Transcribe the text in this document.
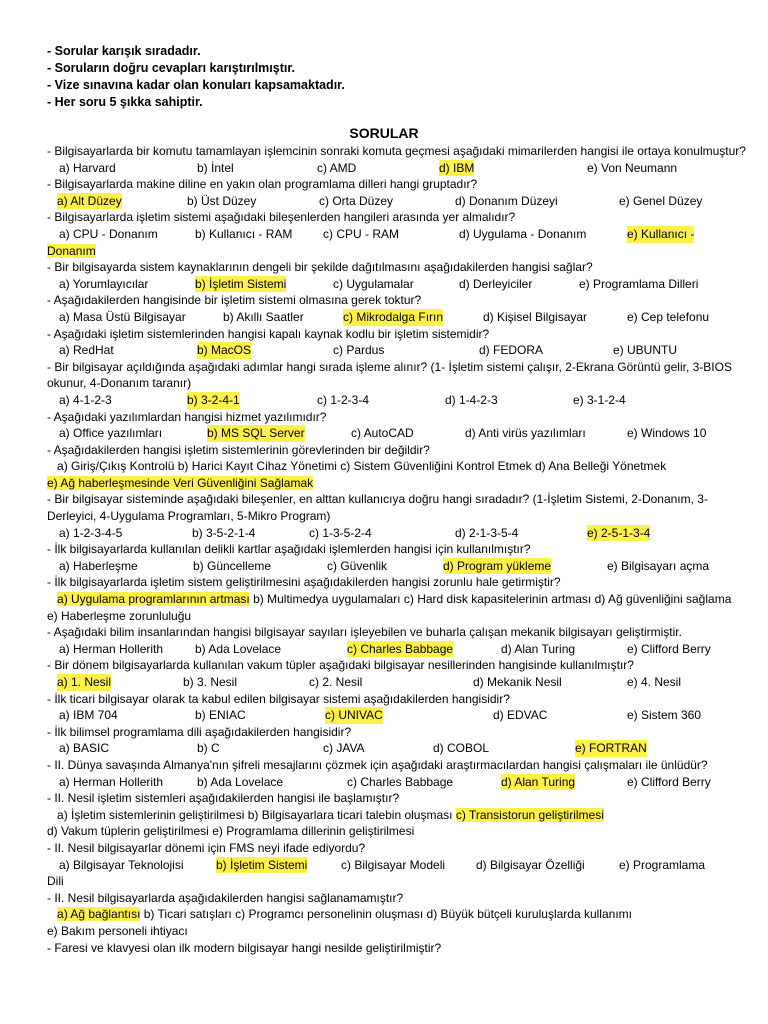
- Sorular karışık sıradadır.
- Soruların doğru cevapları karıştırılmıştır.
- Vize sınavına kadar olan konuları kapsamaktadır.
- Her soru 5 şıkka sahiptir.
SORULAR
- Bilgisayarlarda bir komutu tamamlayan işlemcinin sonraki komuta geçmesi aşağıdaki mimarilerden hangisi ile ortaya konulmuştur?
a) Harvard	b) İntel	c) AMD	d) IBM	e) Von Neumann
- Bilgisayarlarda makine diline en yakın olan programlama dilleri hangi gruptadır?
a) Alt Düzey	b) Üst Düzey	c) Orta Düzey	d) Donanım Düzeyi	e) Genel Düzey
- Bilgisayarlarda işletim sistemi aşağıdaki bileşenlerden hangileri arasında yer almalıdır?
a) CPU - Donanım	b) Kullanıcı - RAM	c) CPU - RAM	d) Uygulama - Donanım	e) Kullanıcı -
Donanım
- Bir bilgisayarda sistem kaynaklarının dengeli bir şekilde dağıtılmasını aşağıdakilerden hangisi sağlar?
a) Yorumlayıcılar	b) İşletim Sistemi	c) Uygulamalar	d) Derleyiciler	e) Programlama Dilleri
- Aşağıdakilerden hangisinde bir işletim sistemi olmasına gerek toktur?
a) Masa Üstü Bilgisayar	b) Akıllı Saatler	c) Mikrodalga Fırın	d) Kişisel Bilgisayar	e) Cep telefonu
- Aşağıdaki işletim sistemlerinden hangisi kapalı kaynak kodlu bir işletim sistemidir?
a) RedHat	b) MacOS	c) Pardus	d) FEDORA	e) UBUNTU
- Bir bilgisayar açıldığında aşağıdaki adımlar hangi sırada işleme alınır? (1- İşletim sistemi çalışır, 2-Ekrana Görüntü gelir, 3-BIOS okunur, 4-Donanım taranır)
a) 4-1-2-3	b) 3-2-4-1	c) 1-2-3-4	d) 1-4-2-3	e) 3-1-2-4
- Aşağıdaki yazılımlardan hangisi hizmet yazılımıdır?
a) Office yazılımları	b) MS SQL Server	c) AutoCAD	d) Anti virüs yazılımları	e) Windows 10
- Aşağıdakilerden hangisi işletim sistemlerinin görevlerinden bir değildir?
a) Giriş/Çıkış Kontrolü b) Harici Kayıt Cihaz Yönetimi c) Sistem Güvenliğini Kontrol Etmek d) Ana Belleği Yönetmek e) Ağ haberleşmesinde Veri Güvenliğini Sağlamak
- Bir bilgisayar sisteminde aşağıdaki bileşenler, en alttan kullanıcıya doğru hangi sıradadır? (1-İşletim Sistemi, 2-Donanım, 3-Derleyici, 4-Uygulama Programları, 5-Mikro Program)
a) 1-2-3-4-5	b) 3-5-2-1-4	c) 1-3-5-2-4	d) 2-1-3-5-4	e) 2-5-1-3-4
- İlk bilgisayarlarda kullanılan delikli kartlar aşağıdaki işlemlerden hangisi için kullanılmıştır?
a) Haberleşme	b) Güncelleme	c) Güvenlik	d) Program yükleme	e) Bilgisayarı açma
- İlk bilgisayarlarda işletim sistem geliştirilmesini aşağıdakilerden hangisi zorunlu hale getirmiştir?
a) Uygulama programlarının artması b) Multimedya uygulamaları c) Hard disk kapasitelerinin artması d) Ağ güvenliğini sağlama e) Haberleşme zorunluluğu
- Aşağıdaki bilim insanlarından hangisi bilgisayar sayıları işleyebilen ve buharla çalışan mekanik bilgisayarı geliştirmiştir.
a) Herman Hollerith	b) Ada Lovelace	c) Charles Babbage	d) Alan Turing	e) Clifford Berry
- Bir dönem bilgisayarlarda kullanılan vakum tüpler aşağıdaki bilgisayar nesillerinden hangisinde kullanılmıştır?
a) 1. Nesil	b) 3. Nesil	c) 2. Nesil	d) Mekanik Nesil	e) 4. Nesil
- İlk ticari bilgisayar olarak ta kabul edilen bilgisayar sistemi aşağıdakilerden hangisidir?
a) IBM 704	b) ENIAC	c) UNIVAC	d) EDVAC	e) Sistem 360
- İlk bilimsel programlama dili aşağıdakilerden hangisidir?
a) BASIC	b) C	c) JAVA	d) COBOL	e) FORTRAN
- II. Dünya savaşında Almanya'nın şifreli mesajlarını çözmek için aşağıdaki araştırmacılardan hangisi çalışmaları ile ünlüdür?
a) Herman Hollerith	b) Ada Lovelace	c) Charles Babbage	d) Alan Turing	e) Clifford Berry
- II. Nesil işletim sistemleri aşağıdakilerden hangisi ile başlamıştır?
a) İşletim sistemlerinin geliştirilmesi b) Bilgisayarlara ticari talebin oluşması c) Transistorun geliştirilmesi d) Vakum tüplerin geliştirilmesi e) Programlama dillerinin geliştirilmesi
- II. Nesil bilgisayarlar dönemi için FMS neyi ifade ediyordu?
a) Bilgisayar Teknolojisi	b) İşletim Sistemi	c) Bilgisayar Modeli	d) Bilgisayar Özelliği	e) Programlama
Dili
- II. Nesil bilgisayarlarda aşağıdakilerden hangisi sağlanamamıştır?
a) Ağ bağlantısı b) Ticari satışları c) Programcı personelinin oluşması d) Büyük bütçeli kuruluşlarda kullanımı e) Bakım personeli ihtiyacı
- Faresi ve klavyesi olan ilk modern bilgisayar hangi nesilde geliştirilmiştir?
